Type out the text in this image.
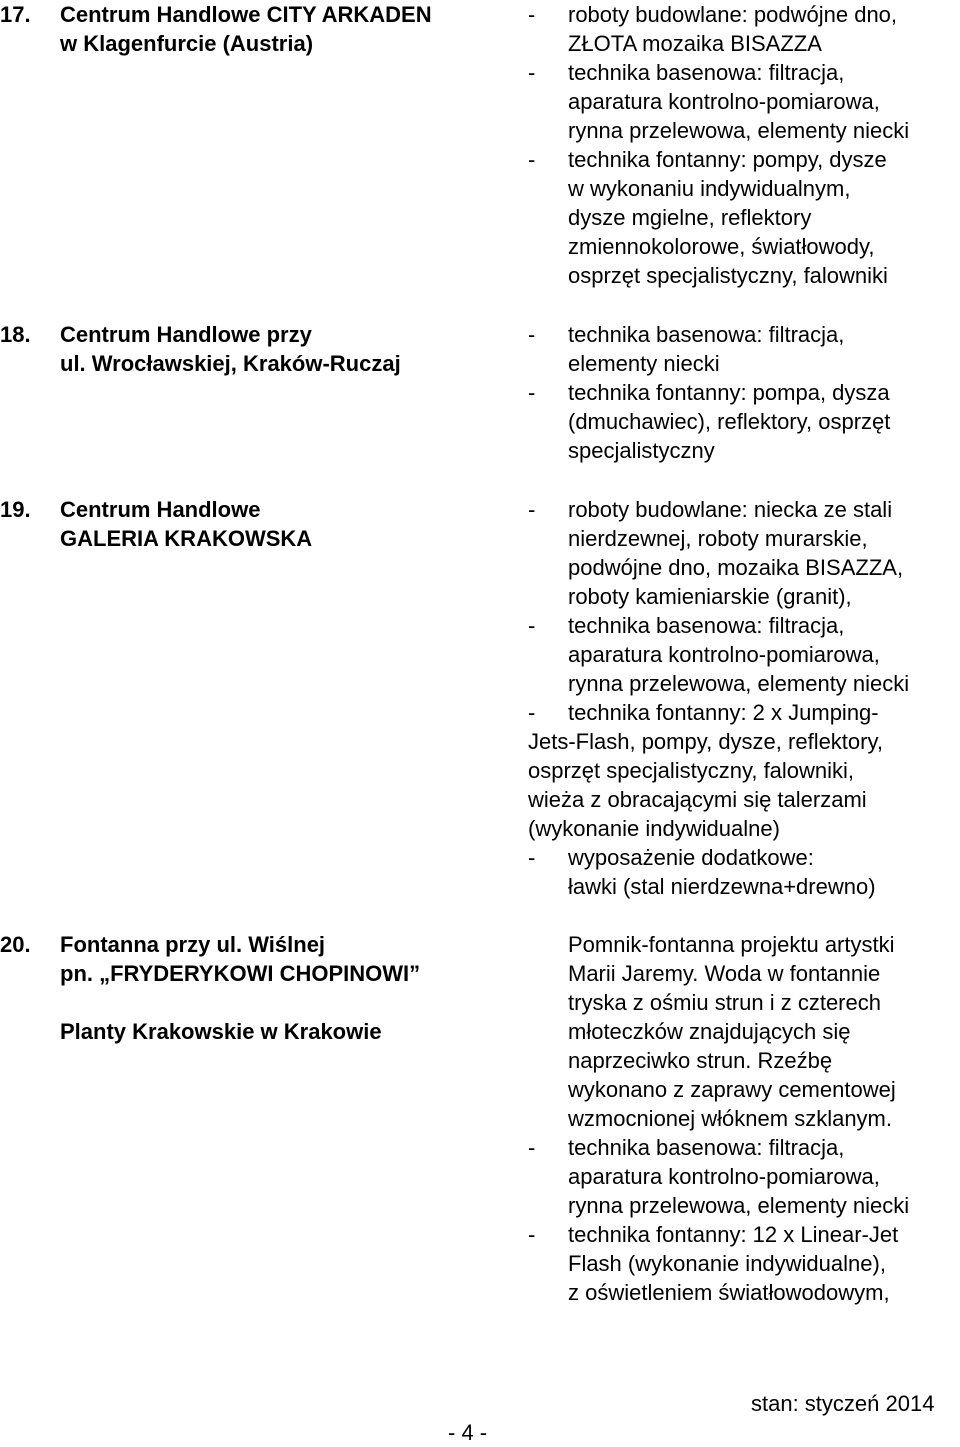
17. Centrum Handlowe CITY ARKADEN
w Klagenfurcie (Austria)
- roboty budowlane: podwójne dno,
ZŁOTA mozaika BISAZZA
- technika basenowa: filtracja,
aparatura kontrolno-pomiarowa,
rynna przelewowa, elementy niecki
- technika fontanny: pompy, dysze
w wykonaniu indywidualnym,
dysze mgielne, reflektory
zmiennokolorowe, światłowody,
osprzęt specjalistyczny, falowniki
18. Centrum Handlowe przy
ul. Wrocławskiej, Kraków-Ruczaj
- technika basenowa: filtracja,
elementy niecki
- technika fontanny: pompa, dysza
(dmuchawiec), reflektory, osprzęt
specjalistyczny
19. Centrum Handlowe
GALERIA KRAKOWSKA
- roboty budowlane: niecka ze stali
nierdzewnej, roboty murarskie,
podwójne dno, mozaika BISAZZA,
roboty kamieniarskie (granit),
- technika basenowa: filtracja,
aparatura kontrolno-pomiarowa,
rynna przelewowa, elementy niecki
- technika fontanny: 2 x Jumping-
Jets-Flash, pompy, dysze, reflektory,
osprzęt specjalistyczny, falowniki,
wieża z obracającymi się talerzami
(wykonanie indywidualne)
- wyposażenie dodatkowe:
ławki (stal nierdzewna+drewno)
20. Fontanna przy ul. Wiślnej
pn. „FRYDERYKOWI CHOPINOWI”

Planty Krakowskie w Krakowie
Pomnik-fontanna projektu artystki
Marii Jaremy. Woda w fontannie
tryska z ośmiu strun i z czterech
młoteczków znajdujących się
naprzeciwko strun. Rzeźbę
wykonano z zaprawy cementowej
wzmocnionej włóknem szklanym.
- technika basenowa: filtracja,
aparatura kontrolno-pomiarowa,
rynna przelewowa, elementy niecki
- technika fontanny: 12 x Linear-Jet
Flash (wykonanie indywidualne),
z oświetleniem światłowodowym,
stan: styczeń 2014
- 4 -
